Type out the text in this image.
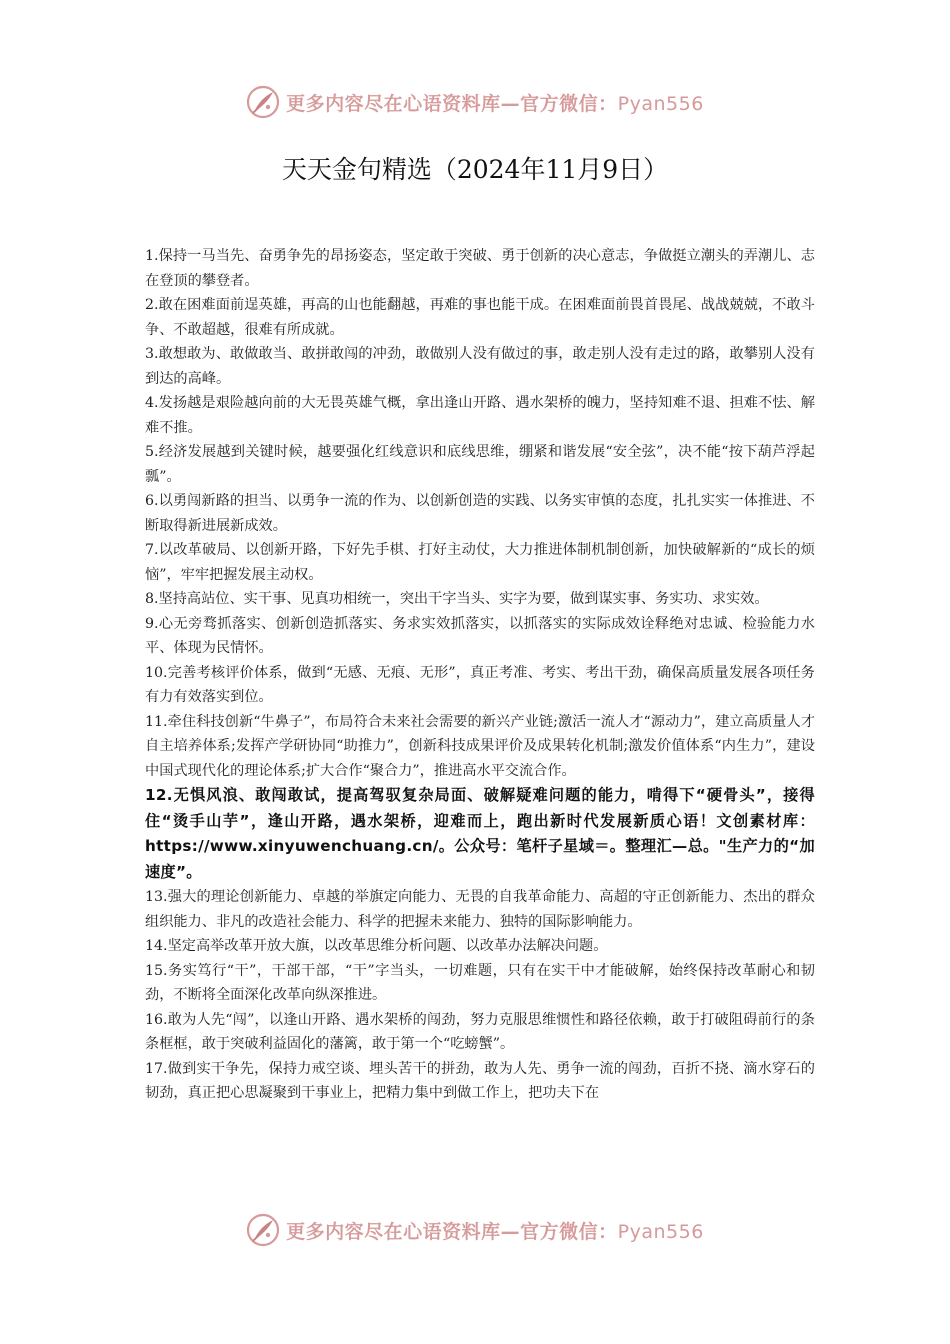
更多内容尽在心语资料库—官方微信：Pyan556
天天金句精选（2024年11月9日）

1.保持一马当先、奋勇争先的昂扬姿态，坚定敢于突破、勇于创新的决心意志，争做挺立潮头的弄潮儿、志在登顶的攀登者。

2.敢在困难面前逞英雄，再高的山也能翻越，再难的事也能干成。在困难面前畏首畏尾、战战兢兢，不敢斗争、不敢超越，很难有所成就。

3.敢想敢为、敢做敢当、敢拼敢闯的冲劲，敢做别人没有做过的事，敢走别人没有走过的路，敢攀别人没有到达的高峰。

4.发扬越是艰险越向前的大无畏英雄气概，拿出逢山开路、遇水架桥的魄力，坚持知难不退、担难不怯、解难不推。

5.经济发展越到关键时候，越要强化红线意识和底线思维，绷紧和谐发展“安全弦”，决不能“按下葫芦浮起瓢”。

6.以勇闯新路的担当、以勇争一流的作为、以创新创造的实践、以务实审慎的态度，扎扎实实一体推进、不断取得新进展新成效。

7.以改革破局、以创新开路，下好先手棋、打好主动仗，大力推进体制机制创新，加快破解新的“成长的烦恼”，牢牢把握发展主动权。

8.坚持高站位、实干事、见真功相统一，突出干字当头、实字为要，做到谋实事、务实功、求实效。

9.心无旁骛抓落实、创新创造抓落实、务求实效抓落实，以抓落实的实际成效诠释绝对忠诚、检验能力水平、体现为民情怀。

10.完善考核评价体系，做到“无感、无痕、无形”，真正考准、考实、考出干劲，确保高质量发展各项任务有力有效落实到位。

11.牵住科技创新“牛鼻子”，布局符合未来社会需要的新兴产业链;激活一流人才“源动力”，建立高质量人才自主培养体系;发挥产学研协同“助推力”，创新科技成果评价及成果转化机制;激发价值体系“内生力”，建设中国式现代化的理论体系;扩大合作“聚合力”，推进高水平交流合作。

12.无惧风浪、敢闯敢试，提高驾驭复杂局面、破解疑难问题的能力，啃得下“硬骨头”，接得住“烫手山芋”，逢山开路，遇水架桥，迎难而上，跑出新时代发展新质心语！文创素材库：https://www.xinyuwenchuang.cn/。公众号：笔杆子星域＝。整理汇—总。"生产力的“加速度”。

13.强大的理论创新能力、卓越的举旗定向能力、无畏的自我革命能力、高超的守正创新能力、杰出的群众组织能力、非凡的改造社会能力、科学的把握未来能力、独特的国际影响能力。

14.坚定高举改革开放大旗，以改革思维分析问题、以改革办法解决问题。

15.务实笃行“干”，干部干部，“干”字当头，一切难题，只有在实干中才能破解，始终保持改革耐心和韧劲，不断将全面深化改革向纵深推进。

16.敢为人先“闯”，以逢山开路、遇水架桥的闯劲，努力克服思维惯性和路径依赖，敢于打破阻碍前行的条条框框，敢于突破利益固化的藩篱，敢于第一个“吃螃蟹”。

17.做到实干争先，保持力戒空谈、埋头苦干的拼劲，敢为人先、勇争一流的闯劲，百折不挠、滴水穿石的韧劲，真正把心思凝聚到干事业上，把精力集中到做工作上，把功夫下在

更多内容尽在心语资料库—官方微信：Pyan556
